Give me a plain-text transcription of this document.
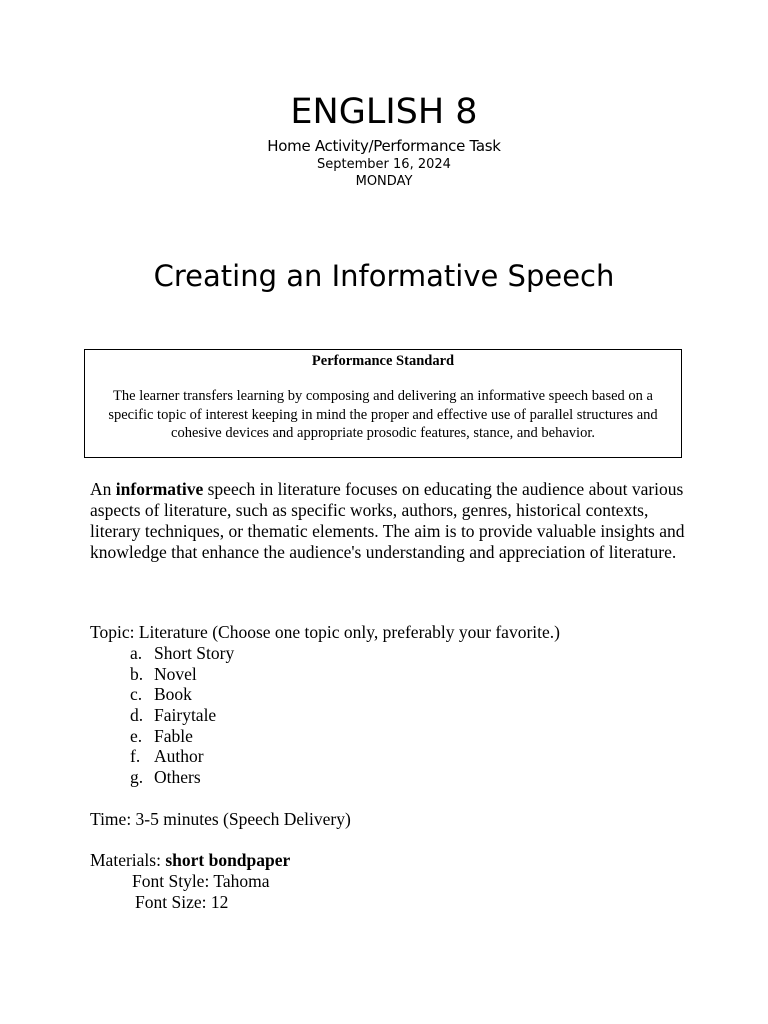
ENGLISH 8
Home Activity/Performance Task
September 16, 2024
MONDAY
Creating an Informative Speech
Performance Standard
The learner transfers learning by composing and delivering an informative speech based on a specific topic of interest keeping in mind the proper and effective use of parallel structures and cohesive devices and appropriate prosodic features, stance, and behavior.
An informative speech in literature focuses on educating the audience about various aspects of literature, such as specific works, authors, genres, historical contexts, literary techniques, or thematic elements. The aim is to provide valuable insights and knowledge that enhance the audience's understanding and appreciation of literature.
Topic: Literature (Choose one topic only, preferably your favorite.)
a. Short Story
b. Novel
c. Book
d. Fairytale
e. Fable
f. Author
g. Others
Time: 3-5 minutes (Speech Delivery)
Materials: short bondpaper
Font Style: Tahoma
Font Size: 12
